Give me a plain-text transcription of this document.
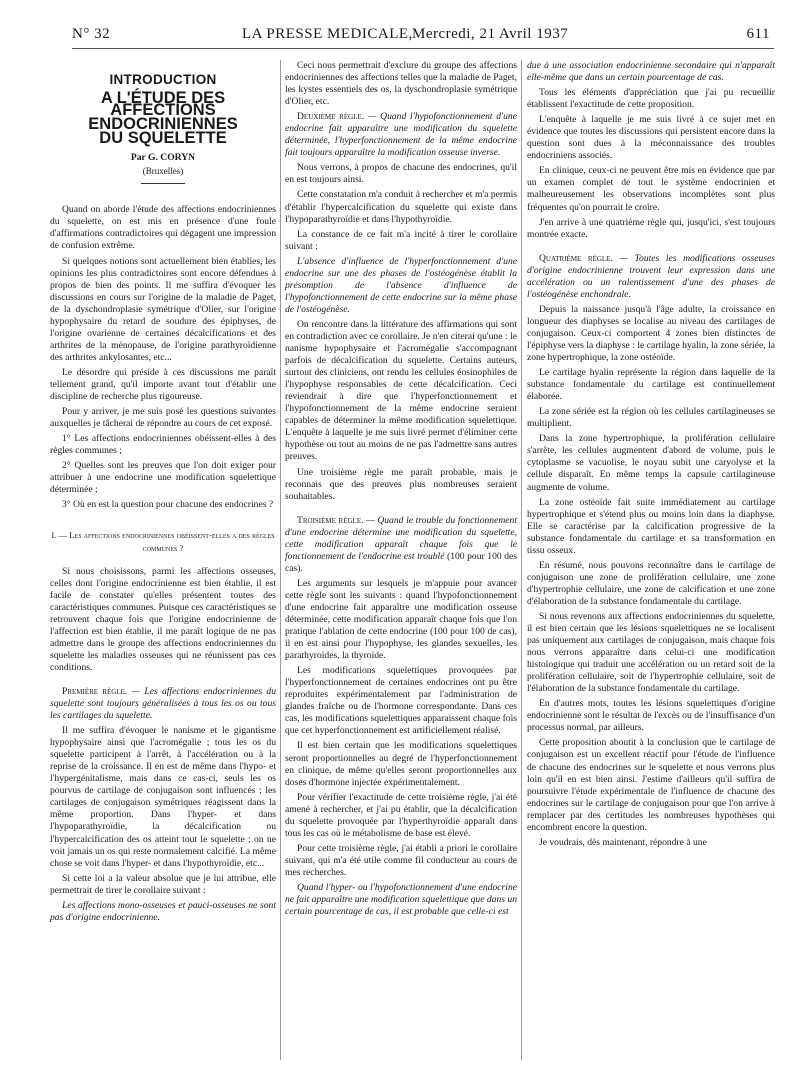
N° 32	LA PRESSE MEDICALE, Mercredi, 21 Avril 1937	611
INTRODUCTION
A L'ÉTUDE DES AFFECTIONS
ENDOCRINIENNES
DU SQUELETTE
Par G. CORYN
(Bruxelles)

Quand on aborde l'étude des affections endocriniennes du squelette, on est mis en présence d'une foule d'affirmations contradictoires qui dégagent une impression de confusion extrême.

Si quelques notions sont actuellement bien établies, les opinions les plus contradictoires sont encore défendues à propos de bien des points. Il me suffira d'évoquer les discussions en cours sur l'origine de la maladie de Paget, de la dyschondroplasie symétrique d'Olier, sur l'origine hypophysaire du retard de soudure des épiphyses, de l'origine ovarienne de certaines décalcifications et des arthrites de la ménopause, de l'origine parathyroïdienne des arthrites ankylosantes, etc...

Le désordre qui préside à ces discussions me paraît tellement grand, qu'il importe avant tout d'établir une discipline de recherche plus rigoureuse.

Pour y arriver, je me suis posé les questions suivantes auxquelles je tâcherai de répondre au cours de cet exposé.

1° Les affections endocriniennes obéissent-elles à des règles communes ;

2° Quelles sont les preuves que l'on doit exiger pour attribuer à une endocrine une modification squelettique déterminée ;

3° Où en est la question pour chacune des endocrines ?

I. — Les affections endocriniennes obéissent-elles a des règles communes ?

Si nous choisissons, parmi les affections osseuses, celles dont l'origine endocrinienne est bien établie, il est facile de constater qu'elles présentent toutes des caractéristiques communes. Puisque ces caractéristiques se retrouvent chaque fois que l'origine endocrinienne de l'affection est bien établie, il me paraît logique de ne pas admettre dans le groupe des affections endocriniennes du squelette les maladies osseuses qui ne réunissent pas ces conditions.

Première règle. — Les affections endocriniennes du squelette sont toujours généralisées à tous les os ou tous les cartilages du squelette.

Il me suffira d'évoquer le nanisme et le gigantisme hypophysaire ainsi que l'acromégalie ; tous les os du squelette participent à l'arrêt, à l'accélération ou à la reprise de la croissance. Il en est de même dans l'hypo- et l'hypergénitalisme, mais dans ce cas-ci, seuls les os pourvus de cartilage de conjugaison sont influencés ; les cartilages de conjugaison symétriques réagissent dans la même proportion. Dans l'hyper- et dans l'hypoparathyroïdie, la décalcification ou l'hypercalcification des os atteint tout le squelette ; on ne voit jamais un os qui reste normalement calcifié. La même chose se voit dans l'hyper- et dans l'hypothyroïdie, etc...

Si cette loi a la valeur absolue que je lui attribue, elle permettrait de tirer le corollaire suivant :

Les affections mono-osseuses et pauci-osseuses ne sont pas d'origine endocrinienne.

Ceci nous permettrait d'exclure du groupe des affections endocriniennes des affections telles que la maladie de Paget, les kystes essentiels des os, la dyschondroplasie symétrique d'Olier, etc.

Deuxième règle. — Quand l'hypofonctionnement d'une endocrine fait apparaître une modification du squelette déterminée, l'hyperfonctionnement de la même endocrine fait toujours apparaître la modification osseuse inverse.

Nous verrons, à propos de chacune des endocrines, qu'il en est toujours ainsi.

Cette constatation m'a conduit à rechercher et m'a permis d'établir l'hypercalcification du squelette qui existe dans l'hypoparathyroïdie et dans l'hypothyroïdie.

La constance de ce fait m'a incité à tirer le corollaire suivant :

L'absence d'influence de l'hyperfonctionnement d'une endocrine sur une des phases de l'ostéogénèse établit la présomption de l'absence d'influence de l'hypofonctionnement de cette endocrine sur la même phase de l'ostéogénèse.

On rencontre dans la littérature des affirmations qui sont en contradiction avec ce corollaire. Je n'en citerai qu'une : le nanisme hypophysaire et l'acromégalie s'accompagnant parfois de décalcification du squelette. Certains auteurs, surtout des cliniciens, ont rendu les cellules éosinophiles de l'hypophyse responsables de cette décalcification. Ceci reviendrait à dire que l'hyperfonctionnement et l'hypofonctionnement de la même endocrine seraient capables de déterminer la même modification squelettique. L'enquête à laquelle je me suis livré permet d'éliminer cette hypothèse ou tout au moins de ne pas l'admettre sans autres preuves.

Une troisième règle me paraît probable, mais je reconnais que des preuves plus nombreuses seraient souhaitables.

Troisième règle. — Quand le trouble du fonctionnement d'une endocrine détermine une modification du squelette, cette modification apparaît chaque fois que le fonctionnement de l'endocrine est troublé (100 pour 100 des cas).

Les arguments sur lesquels je m'appuie pour avancer cette règle sont les suivants : quand l'hypofonctionnement d'une endocrine fait apparaître une modification osseuse déterminée, cette modification apparaît chaque fois que l'on pratique l'ablation de cette endocrine (100 pour 100 de cas), il en est ainsi pour l'hypophyse, les glandes sexuelles, les parathyroïdes, la thyroïde.

Les modifications squelettiques provoquées par l'hyperfonctionnement de certaines endocrines ont pu être reproduites expérimentalement par l'administration de glandes fraîche ou de l'hormone correspondante. Dans ces cas, les modifications squelettiques apparaissent chaque fois que cet hyperfonctionnement est artificiellement réalisé.

Il est bien certain que les modifications squelettiques seront proportionnelles au degré de l'hyperfonctionnement en clinique, de même qu'elles seront proportionnelles aux doses d'hormone injectée expérimentalement.

Pour vérifier l'exactitude de cette troisième règle, j'ai été amené à rechercher, et j'ai pu établir, que la décalcification du squelette provoquée par l'hyperthyroïdie apparaît dans tous les cas où le métabolisme de base est élevé.

Pour cette troisième règle, j'ai établi a priori le corollaire suivant, qui m'a été utile comme fil conducteur au cours de mes recherches.

Quand l'hyper- ou l'hypofonctionnement d'une endocrine ne fait apparaître une modification squelettique que dans un certain pourcentage de cas, il est probable que celle-ci est

due à une association endocrinienne secondaire qui n'apparaît elle-même que dans un certain pourcentage de cas.

Tous les éléments d'appréciation que j'ai pu recueillir établissent l'exactitude de cette proposition.

L'enquête à laquelle je me suis livré à ce sujet met en évidence que toutes les discussions qui persistent encore dans la question sont dues à la méconnaissance des troubles endocriniens associés.

En clinique, ceux-ci ne peuvent être mis en évidence que par un examen complet de tout le système endocrinien et malheureusement les observations incomplètes sont plus fréquentes qu'on pourrait le croire.

J'en arrive à une quatrième règle qui, jusqu'ici, s'est toujours montrée exacte.

Quatrième règle. — Toutes les modifications osseuses d'origine endocrinienne trouvent leur expression dans une accélération ou un ralentissement d'une des phases de l'ostéogénèse enchondrale.

Depuis la naissance jusqu'à l'âge adulte, la croissance en longueur des diaphyses se localise au niveau des cartilages de conjugaison. Ceux-ci comportent 4 zones bien distinctes de l'épiphyse vers la diaphyse : le cartilage hyalin, la zone sériée, la zone hypertrophique, la zone ostéoïde.

Le cartilage hyalin représente la région dans laquelle de la substance fondamentale du cartilage est continuellement élaborée.

La zone sériée est la région où les cellules cartilagineuses se multiplient.

Dans la zone hypertrophique, la prolifération cellulaire s'arrête, les cellules augmentent d'abord de volume, puis le cytoplasme se vacuolise, le noyau subit une caryolyse et la cellule disparaît. En même temps la capsule cartilagineuse augmente de volume.

La zone ostéoïde fait suite immédiatement au cartilage hypertrophique et s'étend plus ou moins loin dans la diaphyse. Elle se caractérise par la calcification progressive de la substance fondamentale du cartilage et sa transformation en tissu osseux.

En résumé, nous pouvons reconnaître dans le cartilage de conjugaison une zone de prolifération cellulaire, une zone d'hypertrophie cellulaire, une zone de calcification et une zone d'élaboration de la substance fondamentale du cartilage.

Si nous revenons aux affections endocriniennes du squelette, il est bien certain que les lésions squelettiques ne se localisent pas uniquement aux cartilages de conjugaison, mais chaque fois nous verrons apparaître dans celui-ci une modification histologique qui traduit une accélération ou un retard soit de la prolifération cellulaire, soit de l'hypertrophie cellulaire, soit de l'élaboration de la substance fondamentale du cartilage.

En d'autres mots, toutes les lésions squelettiques d'origine endocrinienne sont le résultat de l'excès ou de l'insuffisance d'un processus normal, par ailleurs.

Cette proposition aboutit à la conclusion que le cartilage de conjugaison est un excellent réactif pour l'étude de l'influence de chacune des endocrines sur le squelette et nous verrons plus loin qu'il en est bien ainsi. J'estime d'ailleurs qu'il suffira de poursuivre l'étude expérimentale de l'influence de chacune des endocrines sur le cartilage de conjugaison pour que l'on arrive à remplacer par des certitudes les nombreuses hypothèses qui encombrent encore la question.

Je voudrais, dès maintenant, répondre à une
